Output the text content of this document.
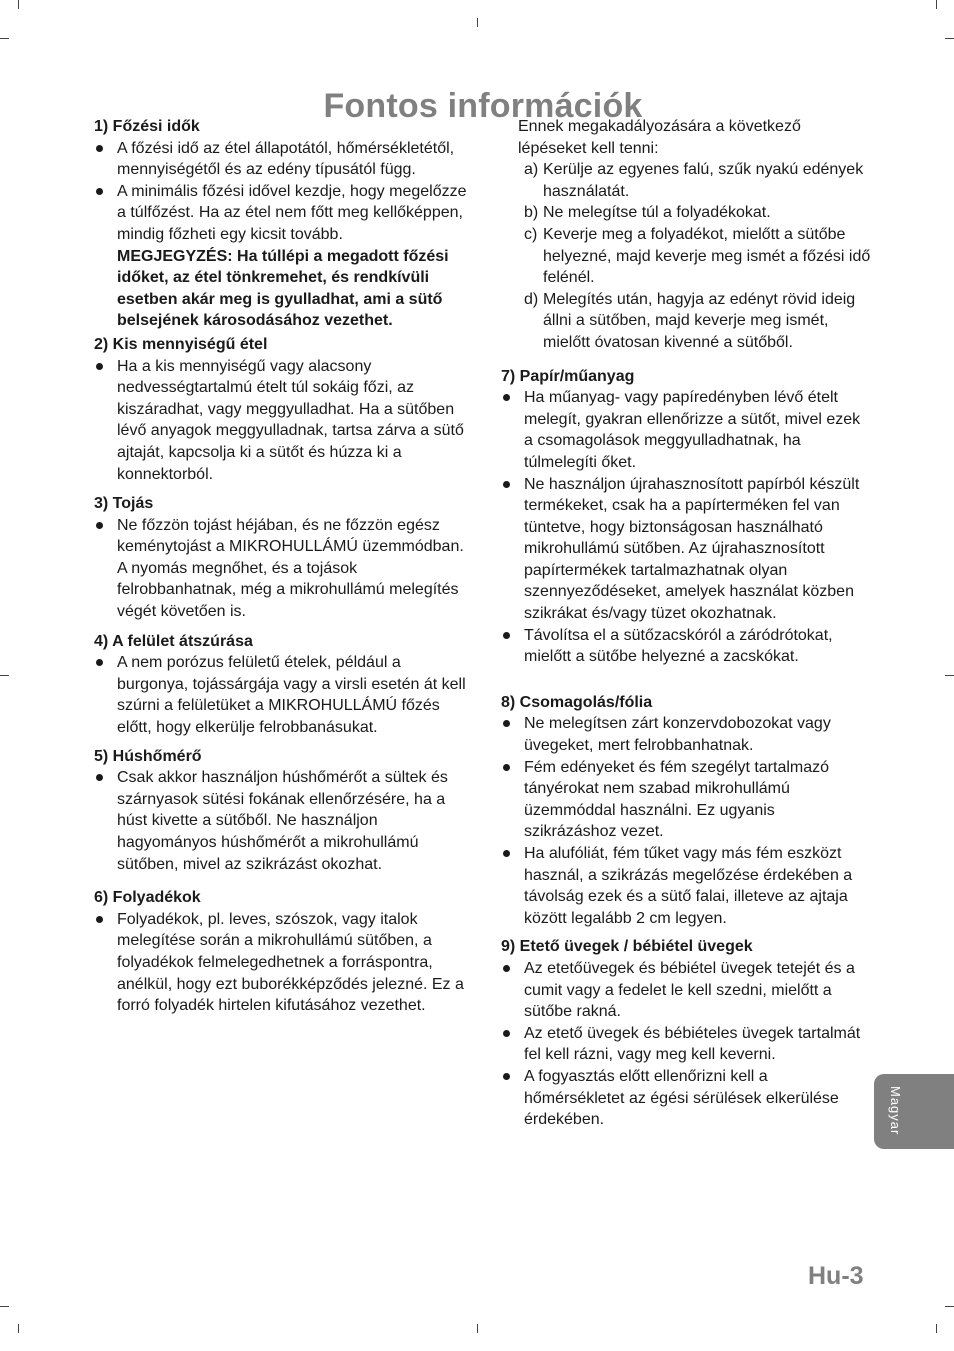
Fontos információk
1) Főzési idők
A főzési idő az étel állapotától, hőmérsékletétől, mennyiségétől és az edény típusától függ.
A minimális főzési idővel kezdje, hogy megelőzze a túlfőzést. Ha az étel nem főtt meg kellőképpen, mindig főzheti egy kicsit tovább.
MEGJEGYZÉS: Ha túllépi a megadott főzési időket, az étel tönkremehet, és rendkívüli esetben akár meg is gyulladhat, ami a sütő belsejének károsodásához vezethet.
2) Kis mennyiségű étel
Ha a kis mennyiségű vagy alacsony nedvességtartalmú ételt túl sokáig főzi, az kiszáradhat, vagy meggyulladhat. Ha a sütőben lévő anyagok meggyulladnak, tartsa zárva a sütő ajtaját, kapcsolja ki a sütőt és húzza ki a konnektorból.
3) Tojás
Ne főzzön tojást héjában, és ne főzzön egész keménytojást a MIKROHULLÁMÚ üzemmódban. A nyomás megnőhet, és a tojások felrobbanhatnak, még a mikrohullámú melegítés végét követően is.
4) A felület átszúrása
A nem porózus felületű ételek, például a burgonya, tojássárgája vagy a virsli esetén át kell szúrni a felületüket a MIKROHULLÁMÚ főzés előtt, hogy elkerülje felrobbanásukat.
5) Húshőmérő
Csak akkor használjon húshőmérőt a sültek és szárnyasok sütési fokának ellenőrzésére, ha a húst kivette a sütőből. Ne használjon hagyományos húshőmérőt a mikrohullámú sütőben, mivel az szikrázást okozhat.
6) Folyadékok
Folyadékok, pl. leves, szószok, vagy italok melegítése során a mikrohullámú sütőben, a folyadékok felmelegedhetnek a forráspontra, anélkül, hogy ezt buborékképződés jelezné. Ez a forró folyadék hirtelen kifutásához vezethet.
Ennek megakadályozására a következő lépéseket kell tenni:
a) Kerülje az egyenes falú, szűk nyakú edények használatát.
b) Ne melegítse túl a folyadékokat.
c) Keverje meg a folyadékot, mielőtt a sütőbe helyezné, majd keverje meg ismét a főzési idő felénél.
d) Melegítés után, hagyja az edényt rövid ideig állni a sütőben, majd keverje meg ismét, mielőtt óvatosan kivenné a sütőből.
7) Papír/műanyag
Ha műanyag- vagy papíredényben lévő ételt melegít, gyakran ellenőrizze a sütőt, mivel ezek a csomagolások meggyulladhatnak, ha túlmelegíti őket.
Ne használjon újrahasznosított papírból készült termékeket, csak ha a papírterméken fel van tüntetve, hogy biztonságosan használható mikrohullámú sütőben. Az újrahasznosított papírtermékek tartalmazhatnak olyan szennyeződéseket, amelyek használat közben szikrákat és/vagy tüzet okozhatnak.
Távolítsa el a sütőzacskóról a záródrótokat, mielőtt a sütőbe helyezné a zacskókat.
8) Csomagolás/fólia
Ne melegítsen zárt konzervdobozokat vagy üvegeket, mert felrobbanhatnak.
Fém edényeket és fém szegélyt tartalmazó tányérokat nem szabad mikrohullámú üzemmóddal használni. Ez ugyanis szikrázáshoz vezet.
Ha alufóliát, fém tűket vagy más fém eszközt használ, a szikrázás megelőzése érdekében a távolság ezek és a sütő falai, illeteve az ajtaja között legalább 2 cm legyen.
9) Etető üvegek / bébiétel üvegek
Az etetőüvegek és bébiétel üvegek tetejét és a cumit vagy a fedelet le kell szedni, mielőtt a sütőbe rakná.
Az etető üvegek és bébiételes üvegek tartalmát fel kell rázni, vagy meg kell keverni.
A fogyasztás előtt ellenőrizni kell a hőmérsékletet az égési sérülések elkerülése érdekében.	Magyar
Hu-3
